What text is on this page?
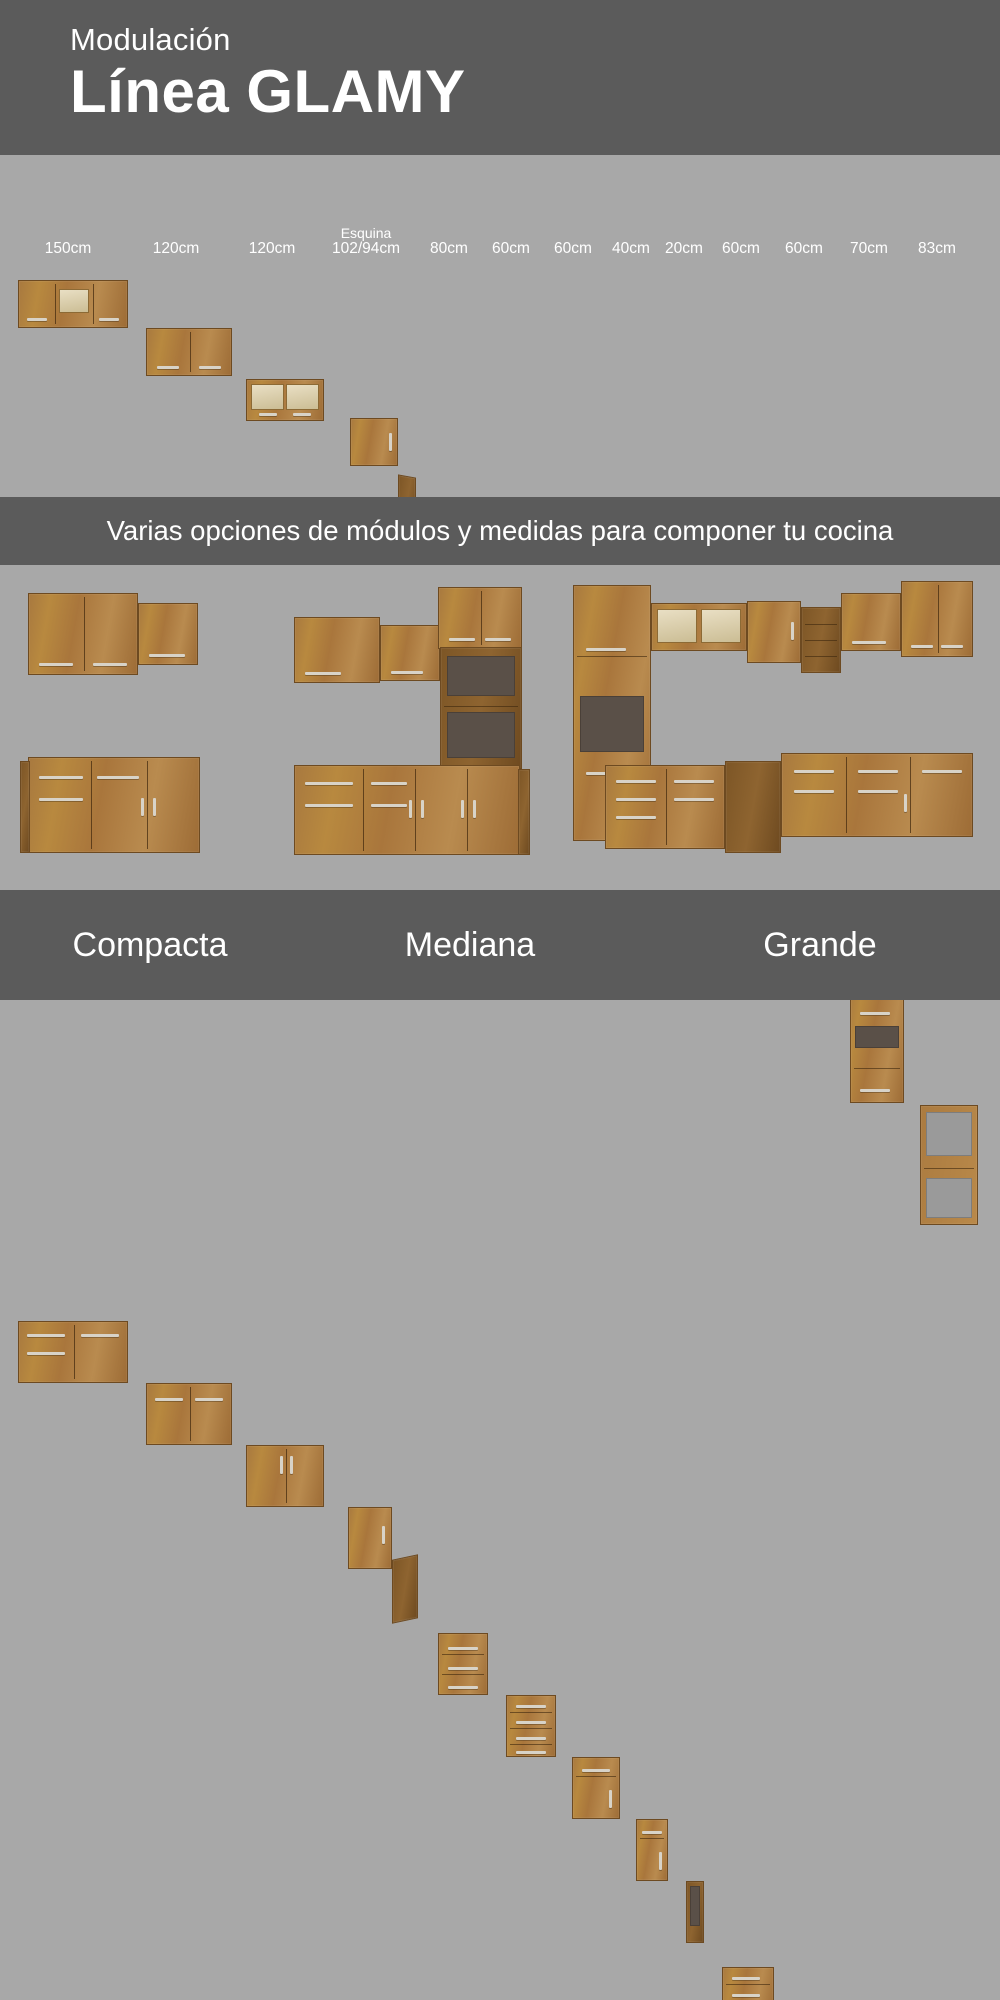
Modulación
Línea GLAMY
150cm	120cm	120cm
Esquina
102/94cm	80cm	60cm	60cm	40cm 20cm	60cm	60cm	70cm	83cm
Varias opciones de módulos y medidas para componer tu cocina
Compacta	Mediana	Grande
